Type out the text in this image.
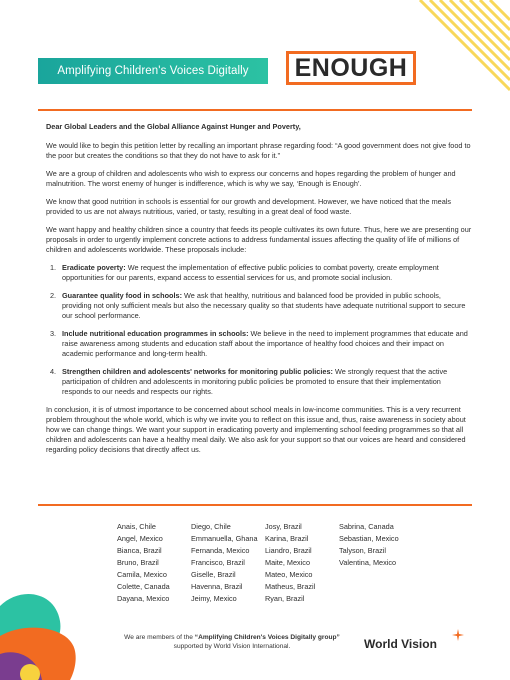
Amplifying Children's Voices Digitally	ENOUGH

Dear Global Leaders and the Global Alliance Against Hunger and Poverty,

We would like to begin this petition letter by recalling an important phrase regarding food: “A good government does not give food to the poor but creates the conditions so that they do not have to ask for it.”

We are a group of children and adolescents who wish to express our concerns and hopes regarding the problem of hunger and malnutrition. The worst enemy of hunger is indifference, which is why we say, ‘Enough is Enough’.

We know that good nutrition in schools is essential for our growth and development. However, we have noticed that the meals provided to us are not always nutritious, varied, or tasty, resulting in a great deal of food waste.

We want happy and healthy children since a country that feeds its people cultivates its own future. Thus, here we are presenting our proposals in order to urgently implement concrete actions to address fundamental issues affecting the quality of life of millions of children and adolescents worldwide. These proposals include:

1. Eradicate poverty: We request the implementation of effective public policies to combat poverty, create employment opportunities for our parents, expand access to essential services for us, and promote social inclusion.
2. Guarantee quality food in schools: We ask that healthy, nutritious and balanced food be provided in public schools, providing not only sufficient meals but also the necessary quality so that students have adequate nutritional support to secure our school performance.
3. Include nutritional education programmes in schools: We believe in the need to implement programmes that educate and raise awareness among students and education staff about the importance of healthy food choices and their impact on academic performance and long-term health.
4. Strengthen children and adolescents' networks for monitoring public policies: We strongly request that the active participation of children and adolescents in monitoring public policies be promoted to ensure that their implementation responds to our needs and respects our rights.

In conclusion, it is of utmost importance to be concerned about school meals in low-income communities. This is a very recurrent problem throughout the whole world, which is why we invite you to reflect on this issue and, thus, raise awareness in society about how we can change things. We want your support in eradicating poverty and implementing school feeding programmes so that all children and adolescents can have a healthy meal daily. We also ask for your support so that our voices are heard and considered regarding policy decisions that directly affect us.

Anais, Chile
Angel, Mexico
Bianca, Brazil
Bruno, Brazil
Camila, Mexico
Colette, Canada
Dayana, Mexico
Diego, Chile
Emmanuella, Ghana
Fernanda, Mexico
Francisco, Brazil
Giselle, Brazil
Havenna, Brazil
Jeimy, Mexico
Josy, Brazil
Karina, Brazil
Liandro, Brazil
Maite, Mexico
Mateo, Mexico
Matheus, Brazil
Ryan, Brazil
Sabrina, Canada
Sebastian, Mexico
Talyson, Brazil
Valentina, Mexico
We are members of the “Amplifying Children's Voices Digitally group”
supported by World Vision International.	World Vision
